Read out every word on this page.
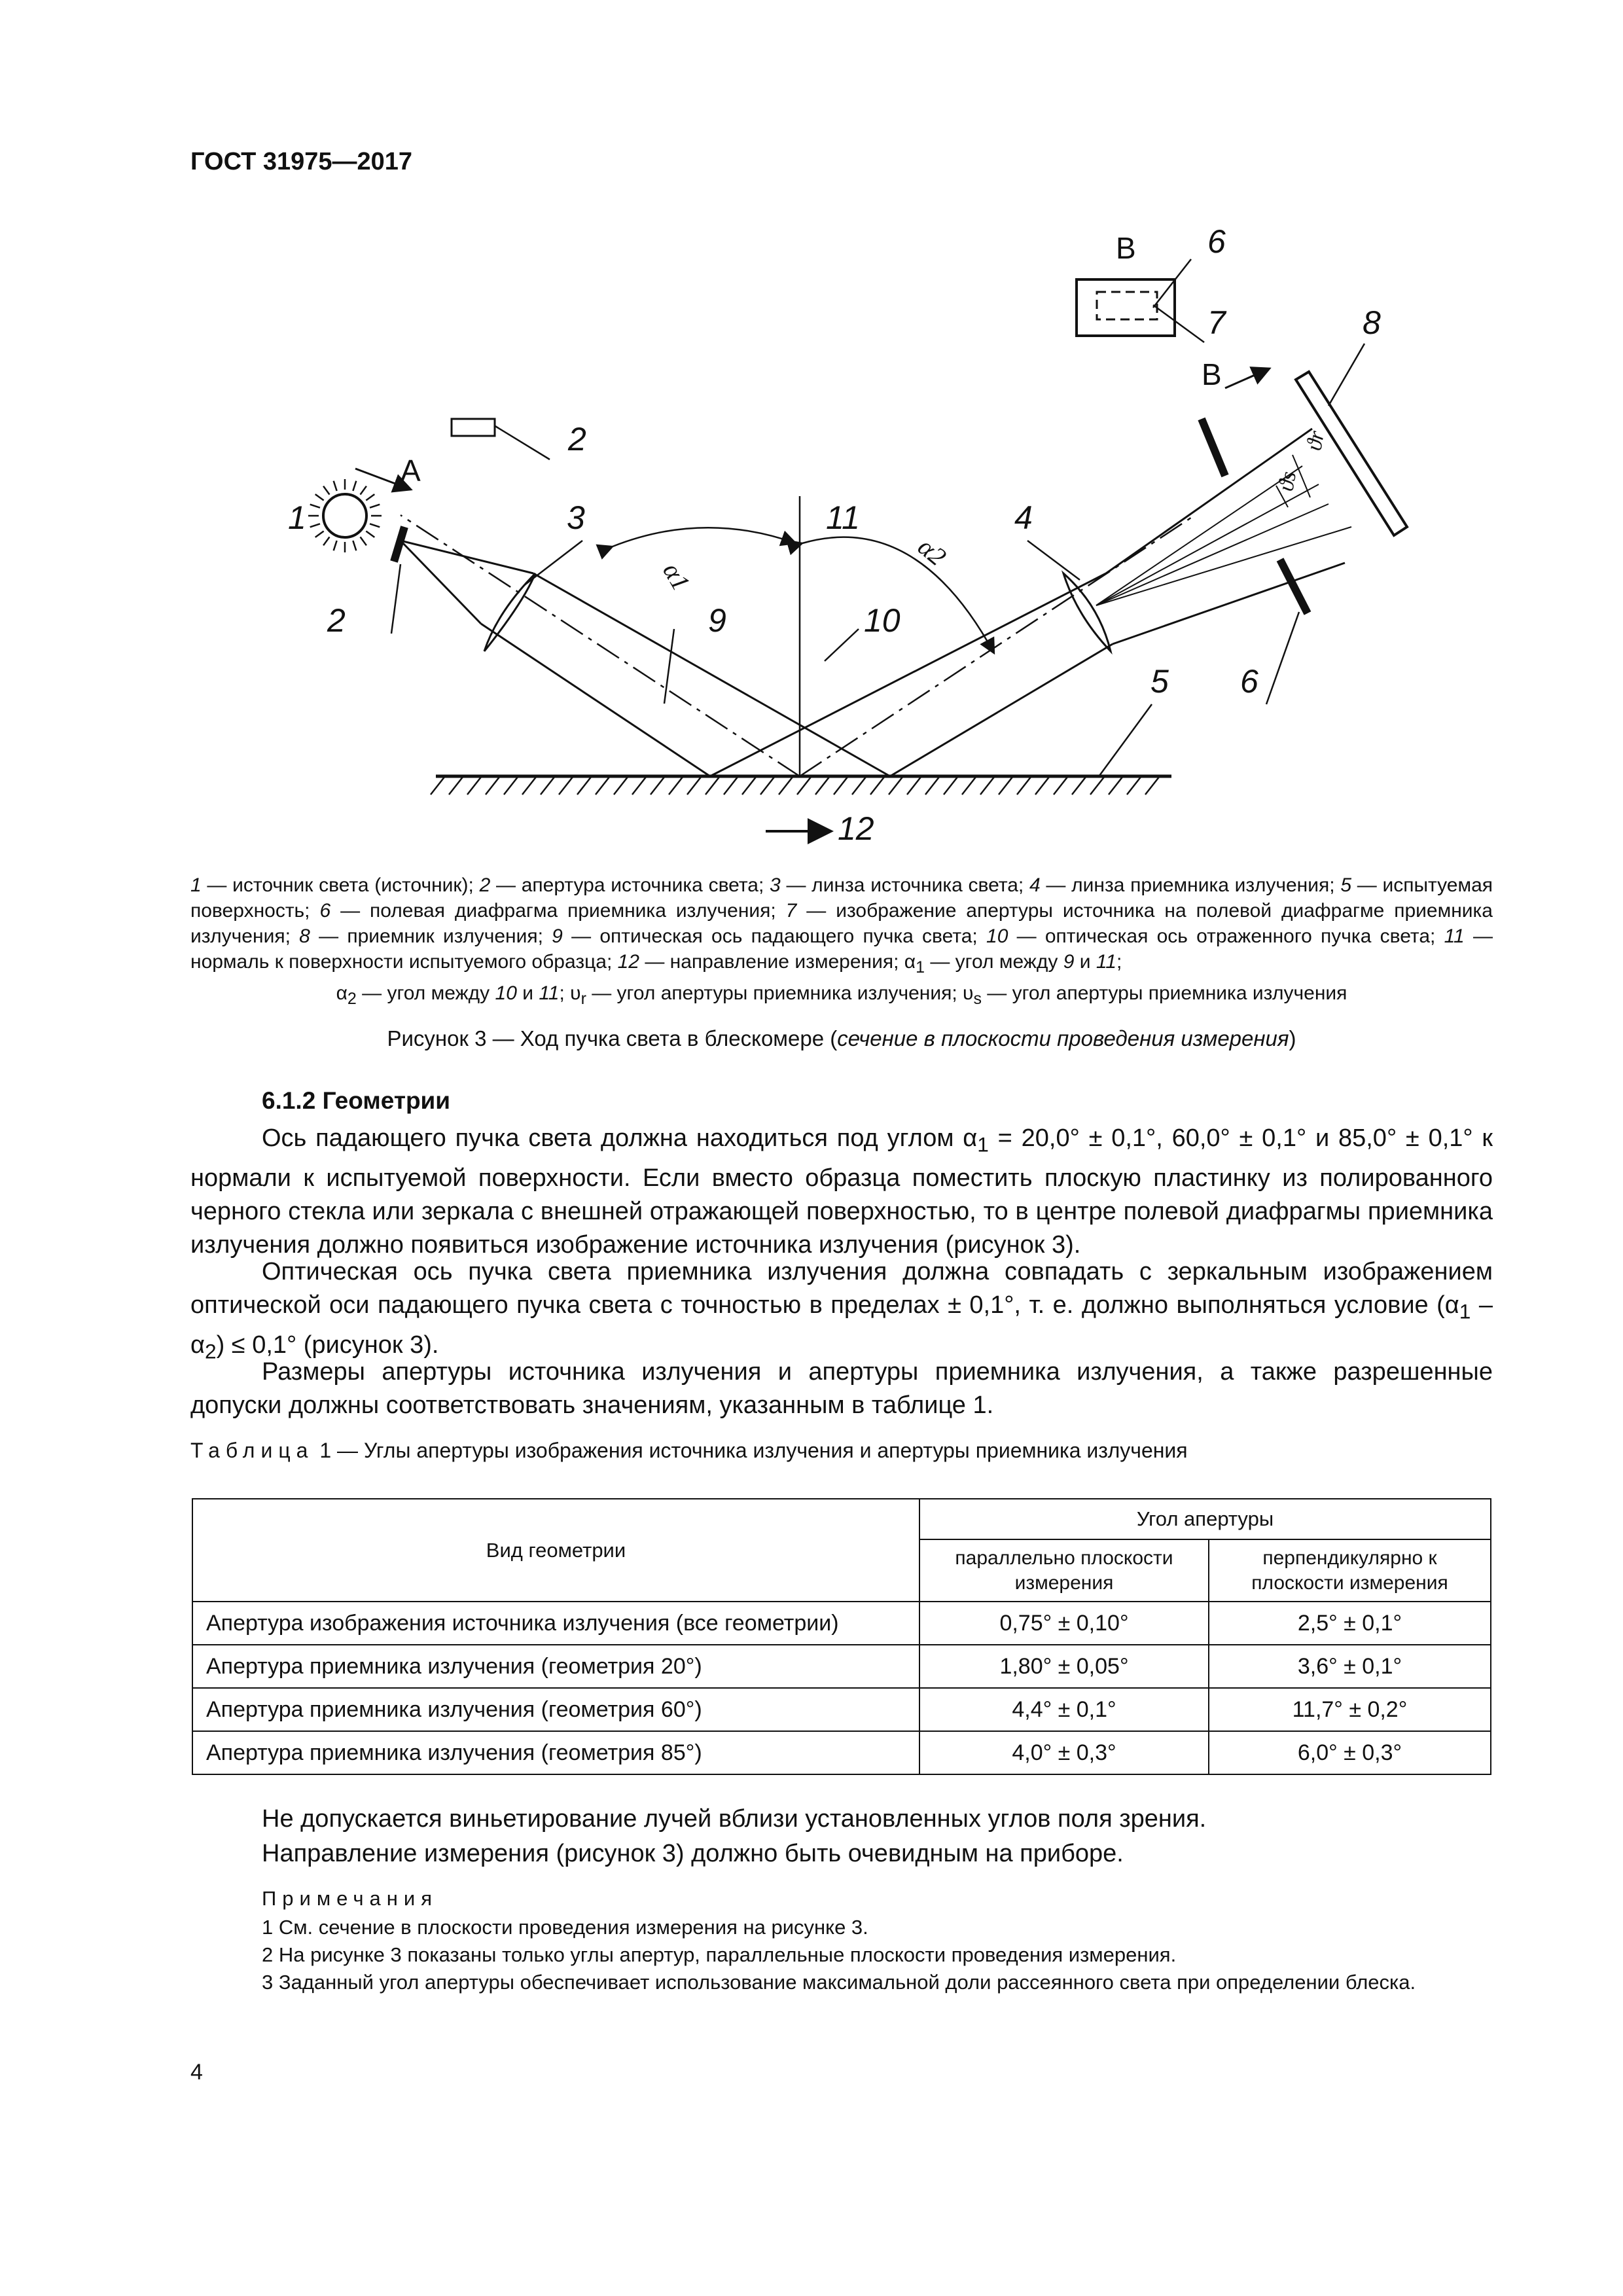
ГОСТ 31975—2017
1
2
2
3	4
5
6
6
7	8
9	10
11
12
А
В
В
α1
α2
ϑr
ϑs
1 — источник света (источник); 2 — апертура источника света; 3 — линза источника света; 4 — линза приемника излучения; 5 — испытуемая поверхность; 6 — полевая диафрагма приемника излучения; 7 — изображение апертуры источника на полевой диафрагме приемника излучения; 8 — приемник излучения; 9 — оптическая ось падающего пучка света; 10 — оптическая ось отраженного пучка света; 11 — нормаль к поверхности испытуемого образца; 12 — направление измерения; $\alpha_1$ — угол между 9 и 11;
$\alpha_2$ — угол между 10 и 11; $\upsilon_r$ — угол апертуры приемника излучения; $\upsilon_s$ — угол апертуры приемника излучения
Рисунок 3 — Ход пучка света в блескомере (сечение в плоскости проведения измерения)
6.1.2 Геометрии
Ось падающего пучка света должна находиться под углом $\alpha_1 = 20,0^\circ \pm 0,1^\circ$, 60,0° ± 0,1° и 85,0° ± 0,1° к нормали к испытуемой поверхности. Если вместо образца поместить плоскую пластинку из полированного черного стекла или зеркала с внешней отражающей поверхностью, то в центре полевой диафрагмы приемника излучения должно появиться изображение источника излучения (рисунок 3).
Оптическая ось пучка света приемника излучения должна совпадать с зеркальным изображением оптической оси падающего пучка света с точностью в пределах ± 0,1°, т. е. должно выполняться условие $(\alpha_1 - \alpha_2) \le 0,1^\circ$ (рисунок 3).
Размеры апертуры источника излучения и апертуры приемника излучения, а также разрешенные допуски должны соответствовать значениям, указанным в таблице 1.
Таблица 1 — Углы апертуры изображения источника излучения и апертуры приемника излучения
Вид геометрии	Угол апертуры	
	параллельно плоскости измерения	перпендикулярно к плоскости измерения
Апертура изображения источника излучения (все геометрии)	0,75° ± 0,10°	2,5° ± 0,1°
Апертура приемника излучения (геометрия 20°)	1,80° ± 0,05°	3,6° ± 0,1°
Апертура приемника излучения (геометрия 60°)	4,4° ± 0,1°	11,7° ± 0,2°
Апертура приемника излучения (геометрия 85°)	4,0° ± 0,3°	6,0° ± 0,3°
Не допускается виньетирование лучей вблизи установленных углов поля зрения.
Направление измерения (рисунок 3) должно быть очевидным на приборе.
Примечания
1 См. сечение в плоскости проведения измерения на рисунке 3.
2 На рисунке 3 показаны только углы апертур, параллельные плоскости проведения измерения.
3 Заданный угол апертуры обеспечивает использование максимальной доли рассеянного света при определении блеска.
4
